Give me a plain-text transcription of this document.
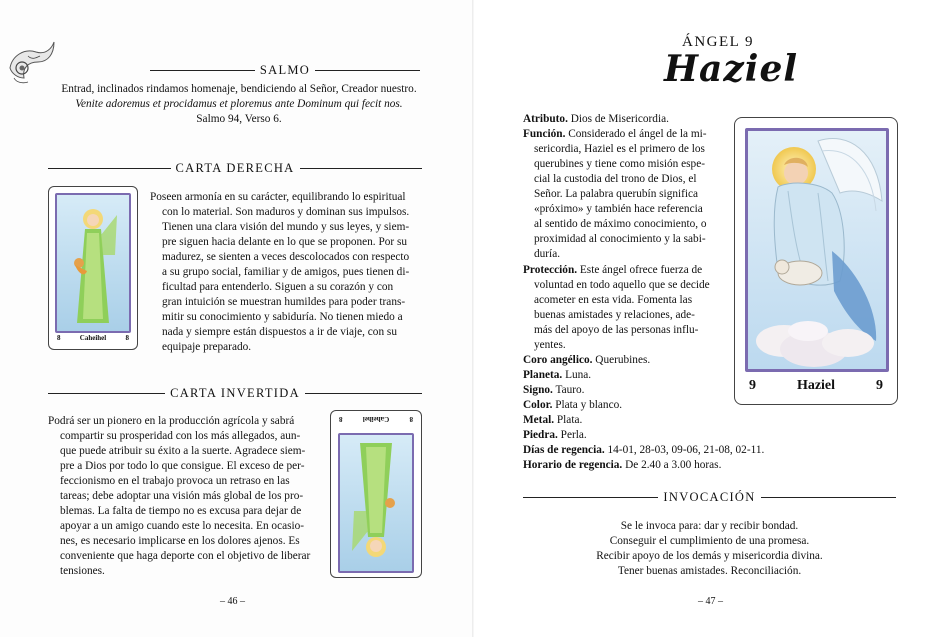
SALMO

Entrad, inclinados rindamos homenaje, bendiciendo al Señor, Creador nuestro.

Venite adoremus et procidamus et ploremus ante Dominum qui fecit nos.

Salmo 94, Verso 6.

CARTA DERECHA
8	Caheihel	8

Poseen armonía en su carácter, equilibrando lo espiritual

con lo material. Son maduros y dominan sus impulsos.

Tienen una clara visión del mundo y sus leyes, y siem-

pre siguen hacia delante en lo que se proponen. Por su

madurez, se sienten a veces descolocados con respecto

a su grupo social, familiar y de amigos, pues tienen di-

ficultad para entenderlo. Siguen a su corazón y con

gran intuición se muestran humildes para poder trans-

mitir su conocimiento y sabiduría. No tienen miedo a

nada y siempre están dispuestos a ir de viaje, con su

equipaje preparado.

CARTA INVERTIDA
8
Caheihel
8

Podrá ser un pionero en la producción agrícola y sabrá

compartir su prosperidad con los más allegados, aun-

que puede atribuir su éxito a la suerte. Agradece siem-

pre a Dios por todo lo que consigue. El exceso de per-

feccionismo en el trabajo provoca un retraso en las

tareas; debe adoptar una visión más global de los pro-

blemas. La falta de tiempo no es excusa para dejar de

apoyar a un amigo cuando este lo necesita. En ocasio-

nes, es necesario implicarse en los dolores ajenos. Es

conveniente que haga deporte con el objetivo de liberar

tensiones.

– 46 –
ÁNGEL 9
Haziel

Atributo. Dios de Misericordia.

Función. Considerado el ángel de la mi-

sericordia, Haziel es el primero de los

querubines y tiene como misión espe-

cial la custodia del trono de Dios, el

Señor. La palabra querubín significa

«próximo» y también hace referencia

al sentido de máximo conocimiento, o

proximidad al conocimiento y la sabi-

duría.

Protección. Este ángel ofrece fuerza de

voluntad en todo aquello que se decide

acometer en esta vida. Fomenta las

buenas amistades y relaciones, ade-

más del apoyo de las personas influ-

yentes.

Coro angélico. Querubines.

Planeta. Luna.

Signo. Tauro.

Color. Plata y blanco.

Metal. Plata.

Piedra. Perla.

Días de regencia. 14-01, 28-03, 09-06, 21-08, 02-11.

Horario de regencia. De 2.40 a 3.00 horas.

9	Haziel	9
INVOCACIÓN

Se le invoca para: dar y recibir bondad.

Conseguir el cumplimiento de una promesa.

Recibir apoyo de los demás y misericordia divina.

Tener buenas amistades. Reconciliación.

– 47 –
